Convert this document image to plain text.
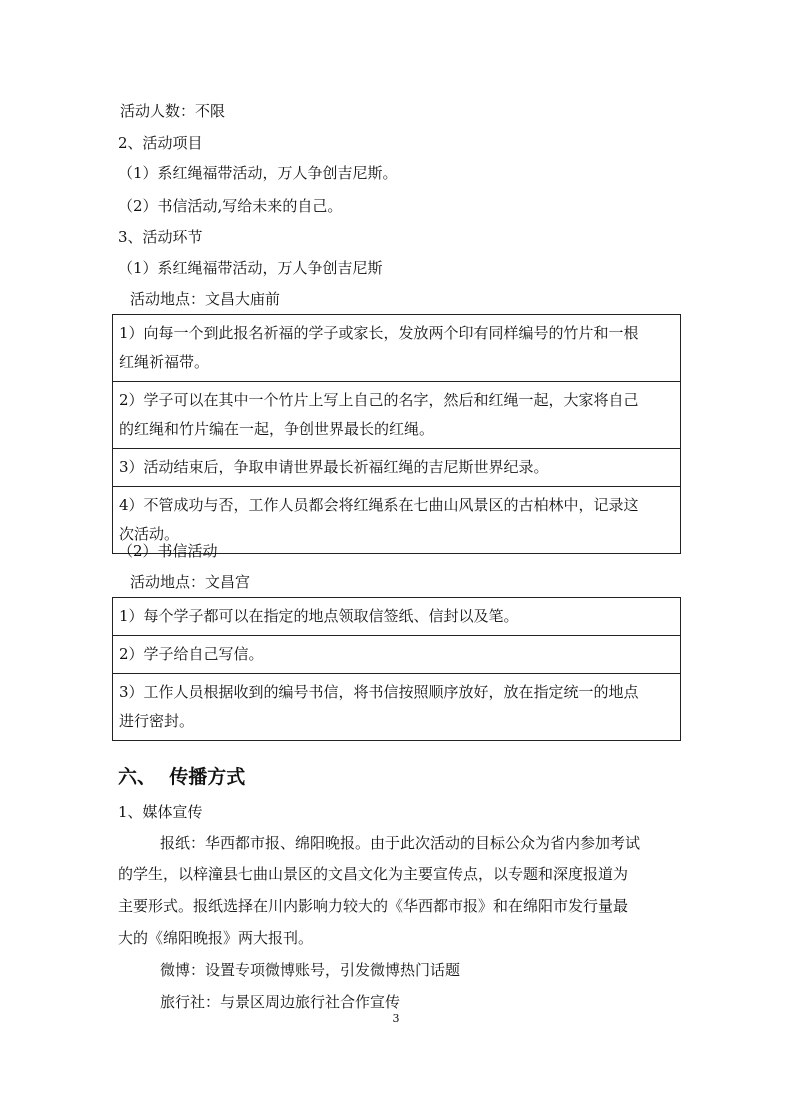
活动人数：不限
2、活动项目
（1）系红绳福带活动，万人争创吉尼斯。
（2）书信活动,写给未来的自己。
3、活动环节
（1）系红绳福带活动，万人争创吉尼斯
活动地点：文昌大庙前

1）向每一个到此报名祈福的学子或家长，发放两个印有同样编号的竹片和一根

红绳祈福带。

2）学子可以在其中一个竹片上写上自己的名字，然后和红绳一起，大家将自己

的红绳和竹片编在一起，争创世界最长的红绳。

3）活动结束后，争取申请世界最长祈福红绳的吉尼斯世界纪录。

4）不管成功与否，工作人员都会将红绳系在七曲山风景区的古柏林中，记录这

次活动。

（2）书信活动
活动地点：文昌宫

1）每个学子都可以在指定的地点领取信签纸、信封以及笔。

2）学子给自己写信。

3）工作人员根据收到的编号书信，将书信按照顺序放好，放在指定统一的地点

进行密封。

六、  传播方式
1、媒体宣传
报纸：华西都市报、绵阳晚报。由于此次活动的目标公众为省内参加考试
的学生，以梓潼县七曲山景区的文昌文化为主要宣传点，以专题和深度报道为
主要形式。报纸选择在川内影响力较大的《华西都市报》和在绵阳市发行量最
大的《绵阳晚报》两大报刊。
微博：设置专项微博账号，引发微博热门话题
旅行社：与景区周边旅行社合作宣传
3
